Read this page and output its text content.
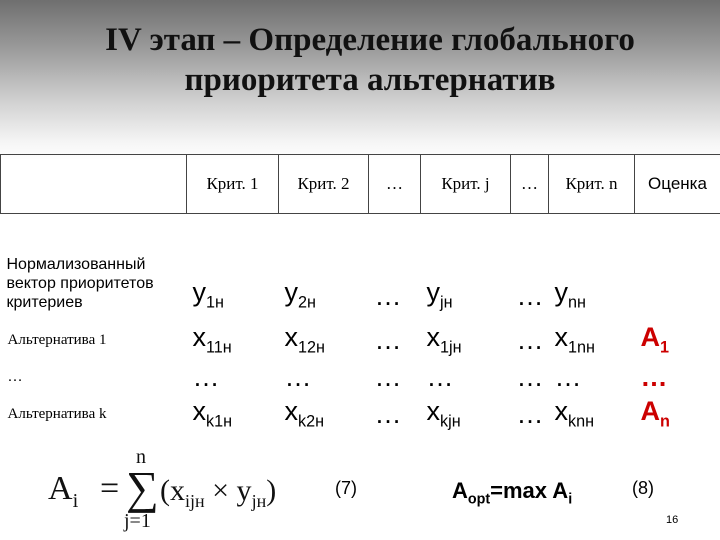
IV этап – Определение глобального
приоритета альтернатив
	Крит. 1	Крит. 2	…	Крит. j	…	Крит. n	Оценка
Нормализованный вектор приоритетов критериев	$у_{1н}$	$у_{2н}$	…	$у_{jн}$	…	$у_{nн}$	
Альтернатива 1	$x_{11н}$	$x_{12н}$	…	$x_{1jн}$	…	$x_{1nн}$	$A_1$
…	…	…	…	…	…	…	…
Альтернатива k	$x_{k1н}$	$x_{k2н}$	…	$x_{kjн}$	…	$x_{knн}$	$A_n$
$A_i$ =
n
∑
j=1
$(x_{ijн} \times y_{jн})$	(7)	$A_{opt}=\max$ $A_i$
(8)
16
